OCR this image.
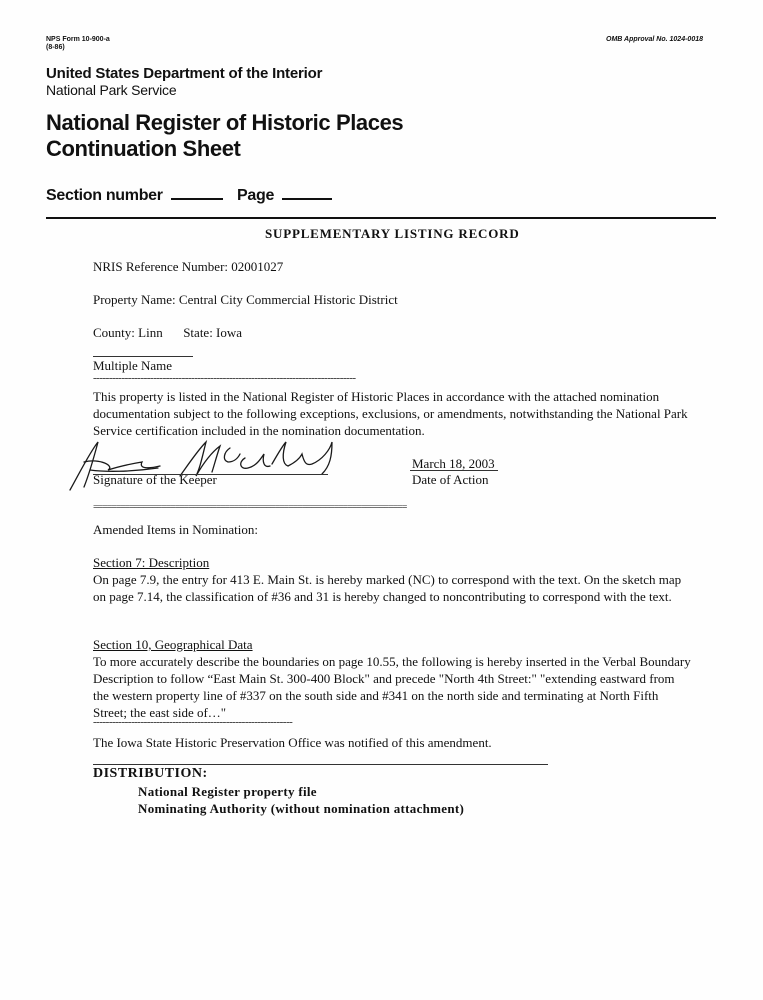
NPS Form 10-900-a
(8-86)
OMB Approval No. 1024-0018
United States Department of the Interior
National Park Service
National Register of Historic Places
Continuation Sheet
Section number	Page
SUPPLEMENTARY LISTING RECORD
NRIS Reference Number: 02001027
Property Name: Central City Commercial Historic District
County: Linn State: Iowa
Multiple Name
-----------------------------------------------------------------------------------
This property is listed in the National Register of Historic Places in accordance with the attached nomination documentation subject to the following exceptions, exclusions, or amendments, notwithstanding the National Park Service certification included in the nomination documentation.
Signature of the Keeper
March 18, 2003
Date of Action
=====================================================================
Amended Items in Nomination:
Section 7: Description
On page 7.9, the entry for 413 E. Main St. is hereby marked (NC) to correspond with the text. On the sketch map on page 7.14, the classification of #36 and 31 is hereby changed to noncontributing to correspond with the text.
Section 10, Geographical Data
To more accurately describe the boundaries on page 10.55, the following is hereby inserted in the Verbal Boundary Description to follow “East Main St. 300-400 Block" and precede "North 4th Street:" "extending eastward from the western property line of #337 on the south side and #341 on the north side and terminating at North Fifth Street; the east side of…"
---------------------------------------------------------------
The Iowa State Historic Preservation Office was notified of this amendment.
DISTRIBUTION:
National Register property file
Nominating Authority (without nomination attachment)
